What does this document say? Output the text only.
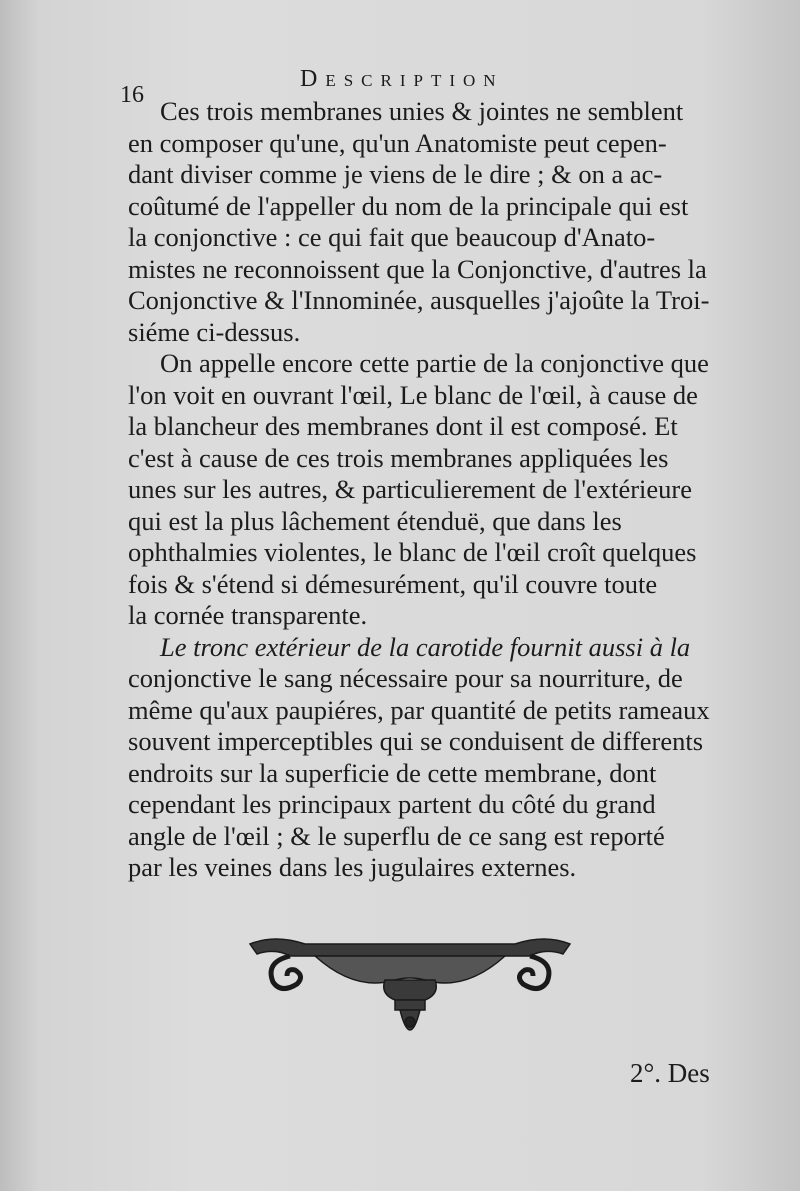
16
Description
Ces trois membranes unies & jointes ne semblent
en composer qu'une, qu'un Anatomiste peut cepen-
dant diviser comme je viens de le dire ; & on a ac-
coûtumé de l'appeller du nom de la principale qui est
la conjonctive : ce qui fait que beaucoup d'Anato-
mistes ne reconnoissent que la Conjonctive, d'autres la
Conjonctive & l'Innominée, ausquelles j'ajoûte la Troi-
siéme ci-dessus.
On appelle encore cette partie de la conjonctive que
l'on voit en ouvrant l'œil, Le blanc de l'œil, à cause de
la blancheur des membranes dont il est composé. Et
c'est à cause de ces trois membranes appliquées les
unes sur les autres, & particulierement de l'extérieure
qui est la plus lâchement étenduë, que dans les
ophthalmies violentes, le blanc de l'œil croît quelques
fois & s'étend si démesurément, qu'il couvre toute
la cornée transparente.
Le tronc extérieur de la carotide fournit aussi à la
conjonctive le sang nécessaire pour sa nourriture, de
même qu'aux paupiéres, par quantité de petits rameaux
souvent imperceptibles qui se conduisent de differents
endroits sur la superficie de cette membrane, dont
cependant les principaux partent du côté du grand
angle de l'œil ; & le superflu de ce sang est reporté
par les veines dans les jugulaires externes.
2°. Des
